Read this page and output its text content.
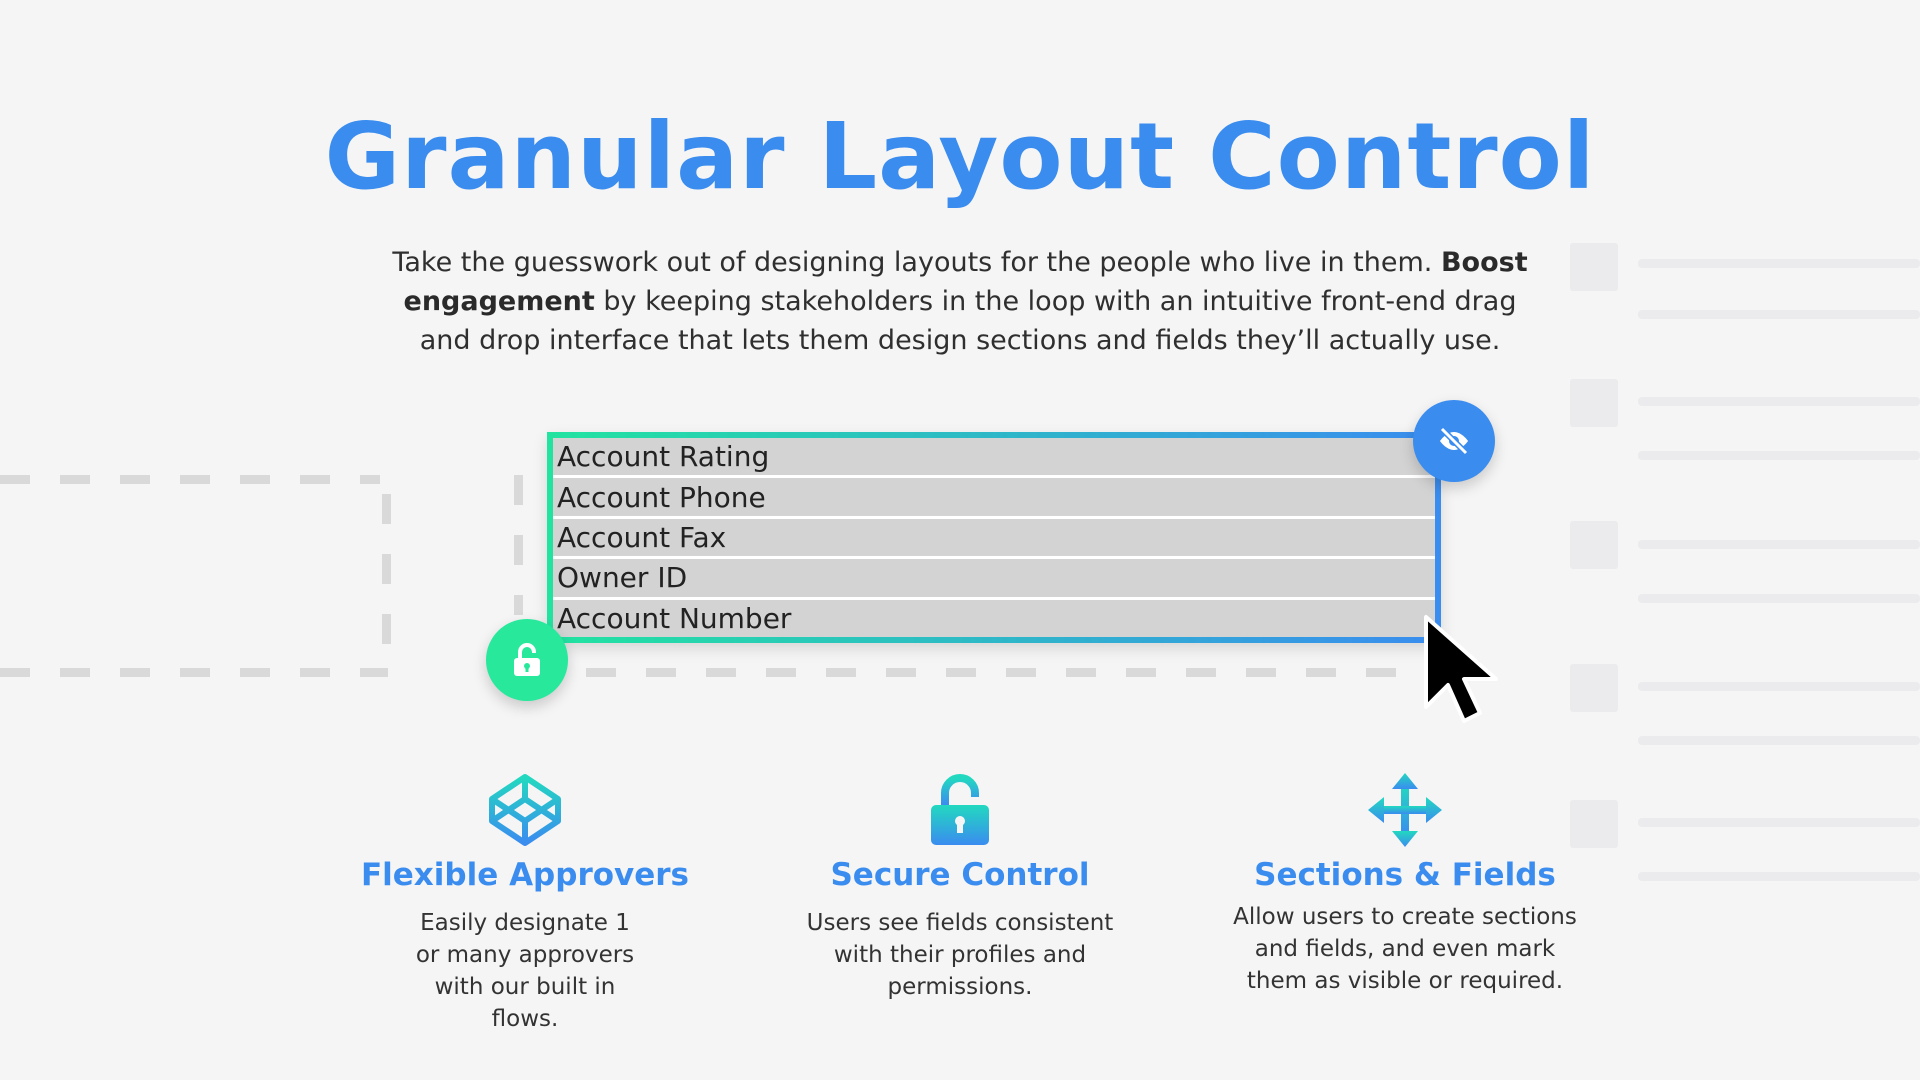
Granular Layout Control

Take the guesswork out of designing layouts for the people who live in them. Boost engagement by keeping stakeholders in the loop with an intuitive front-end drag and drop interface that lets them design sections and fields they’ll actually use.

Account Rating
Account Phone
Account Fax
Owner ID
Account Number
Flexible Approvers

Easily designate 1 or many approvers with our built in flows.

Secure Control

Users see fields consistent with their profiles and permissions.

Sections & Fields

Allow users to create sections and fields, and even mark them as visible or required.
